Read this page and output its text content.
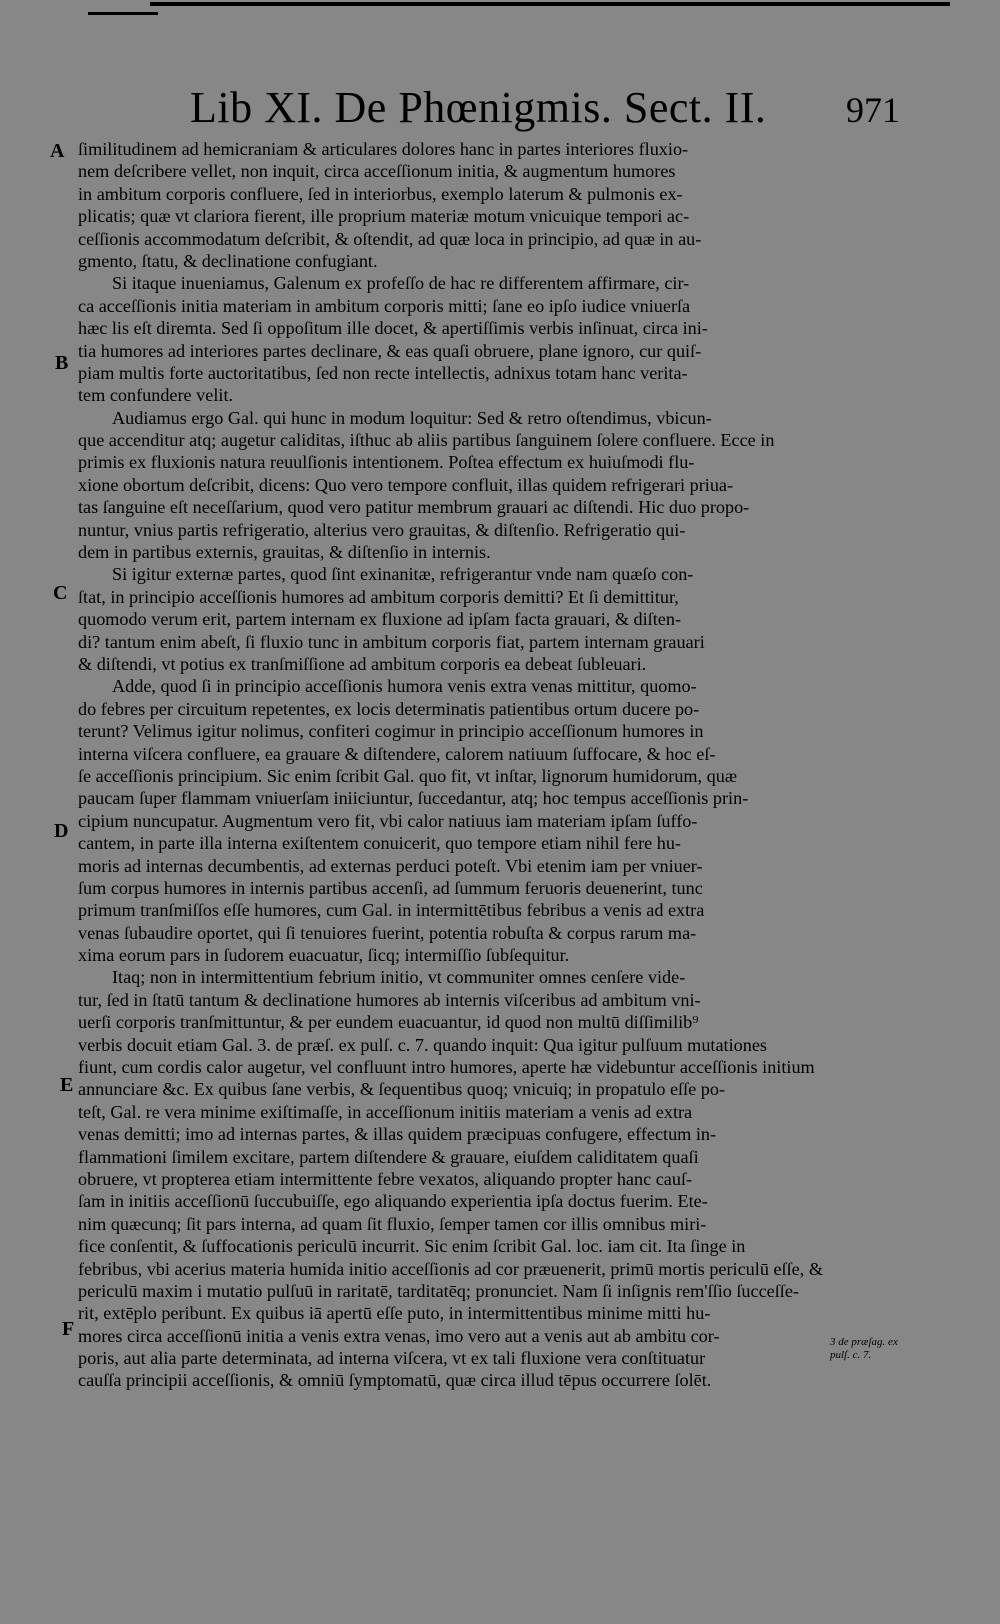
Lib XI. De Phœnigmis. Sect. II. 971
A
B
C
D
E
F
3 de præſag. ex pulſ. c. 7.
ſimilitudinem ad hemicraniam & articulares dolores hanc in partes interiores fluxio-
nem deſcribere vellet, non inquit, circa acceſſionum initia, & augmentum humores
in ambitum corporis confluere, ſed in interiorbus, exemplo laterum & pulmonis ex-
plicatis; quæ vt clariora fierent, ille proprium materiæ motum vnicuique tempori ac-
ceſſionis accommodatum deſcribit, & oſtendit, ad quæ loca in principio, ad quæ in au-
gmento, ſtatu, & declinatione confugiant.
Si itaque inueniamus, Galenum ex profeſſo de hac re differentem affirmare, cir-
ca acceſſionis initia materiam in ambitum corporis mitti; ſane eo ipſo iudice vniuerſa
hæc lis eſt diremta. Sed ſi oppoſitum ille docet, & apertiſſimis verbis inſinuat, circa ini-
tia humores ad interiores partes declinare, & eas quaſi obruere, plane ignoro, cur quiſ-
piam multis forte auctoritatibus, ſed non recte intellectis, adnixus totam hanc verita-
tem confundere velit.
Audiamus ergo Gal. qui hunc in modum loquitur: Sed & retro oſtendimus, vbicun-
que accenditur atq; augetur caliditas, iſthuc ab aliis partibus ſanguinem ſolere confluere. Ecce in
primis ex fluxionis natura reuulſionis intentionem. Poſtea effectum ex huiuſmodi flu-
xione obortum deſcribit, dicens: Quo vero tempore confluit, illas quidem refrigerari priua-
tas ſanguine eſt neceſſarium, quod vero patitur membrum grauari ac diſtendi. Hic duo propo-
nuntur, vnius partis refrigeratio, alterius vero grauitas, & diſtenſio. Refrigeratio qui-
dem in partibus externis, grauitas, & diſtenſio in internis.
Si igitur externæ partes, quod ſint exinanitæ, refrigerantur vnde nam quæſo con-
ſtat, in principio acceſſionis humores ad ambitum corporis demitti? Et ſi demittitur,
quomodo verum erit, partem internam ex fluxione ad ipſam facta grauari, & diſten-
di? tantum enim abeſt, ſi fluxio tunc in ambitum corporis fiat, partem internam grauari
& diſtendi, vt potius ex tranſmiſſione ad ambitum corporis ea debeat ſubleuari.
Adde, quod ſi in principio acceſſionis humora venis extra venas mittitur, quomo-
do febres per circuitum repetentes, ex locis determinatis patientibus ortum ducere po-
terunt? Velimus igitur nolimus, confiteri cogimur in principio acceſſionum humores in
interna viſcera confluere, ea grauare & diſtendere, calorem natiuum ſuffocare, & hoc eſ-
ſe acceſſionis principium. Sic enim ſcribit Gal. quo fit, vt inſtar, lignorum humidorum, quæ
paucam ſuper flammam vniuerſam iniiciuntur, ſuccedantur, atq; hoc tempus acceſſionis prin-
cipium nuncupatur. Augmentum vero fit, vbi calor natiuus iam materiam ipſam ſuffo-
cantem, in parte illa interna exiſtentem conuicerit, quo tempore etiam nihil fere hu-
moris ad internas decumbentis, ad externas perduci poteſt. Vbi etenim iam per vniuer-
ſum corpus humores in internis partibus accenſi, ad ſummum feruoris deuenerint, tunc
primum tranſmiſſos eſſe humores, cum Gal. in intermittētibus febribus a venis ad extra
venas ſubaudire oportet, qui ſi tenuiores fuerint, potentia robuſta & corpus rarum ma-
xima eorum pars in ſudorem euacuatur, ſicq; intermiſſio ſubſequitur.
Itaq; non in intermittentium febrium initio, vt communiter omnes cenſere vide-
tur, ſed in ſtatū tantum & declinatione humores ab internis viſceribus ad ambitum vni-
uerſi corporis tranſmittuntur, & per eundem euacuantur, id quod non multū diſſimilib⁹
verbis docuit etiam Gal. 3. de præſ. ex pulſ. c. 7. quando inquit: Qua igitur pulſuum mutationes
fiunt, cum cordis calor augetur, vel confluunt intro humores, aperte hæ videbuntur acceſſionis initium
annunciare &c. Ex quibus ſane verbis, & ſequentibus quoq; vnicuiq; in propatulo eſſe po-
teſt, Gal. re vera minime exiſtimaſſe, in acceſſionum initiis materiam a venis ad extra
venas demitti; imo ad internas partes, & illas quidem præcipuas confugere, effectum in-
flammationi ſimilem excitare, partem diſtendere & grauare, eiuſdem caliditatem quaſi
obruere, vt propterea etiam intermittente febre vexatos, aliquando propter hanc cauſ-
ſam in initiis acceſſionū ſuccubuiſſe, ego aliquando experientia ipſa doctus fuerim. Ete-
nim quæcunq; ſit pars interna, ad quam ſit fluxio, ſemper tamen cor illis omnibus miri-
fice conſentit, & ſuffocationis periculū incurrit. Sic enim ſcribit Gal. loc. iam cit. Ita ſinge in
febribus, vbi acerius materia humida initio acceſſionis ad cor præuenerit, primū mortis periculū eſſe, &
periculū maxim i mutatio pulſuū in raritatē, tarditatēq; pronunciet. Nam ſi inſignis rem'ſſio ſucceſſe-
rit, extēplo peribunt. Ex quibus iā apertū eſſe puto, in intermittentibus minime mitti hu-
mores circa acceſſionū initia a venis extra venas, imo vero aut a venis aut ab ambitu cor-
poris, aut alia parte determinata, ad interna viſcera, vt ex tali fluxione vera conſtituatur
cauſſa principii acceſſionis, & omniū ſymptomatū, quæ circa illud tēpus occurrere ſolēt.
